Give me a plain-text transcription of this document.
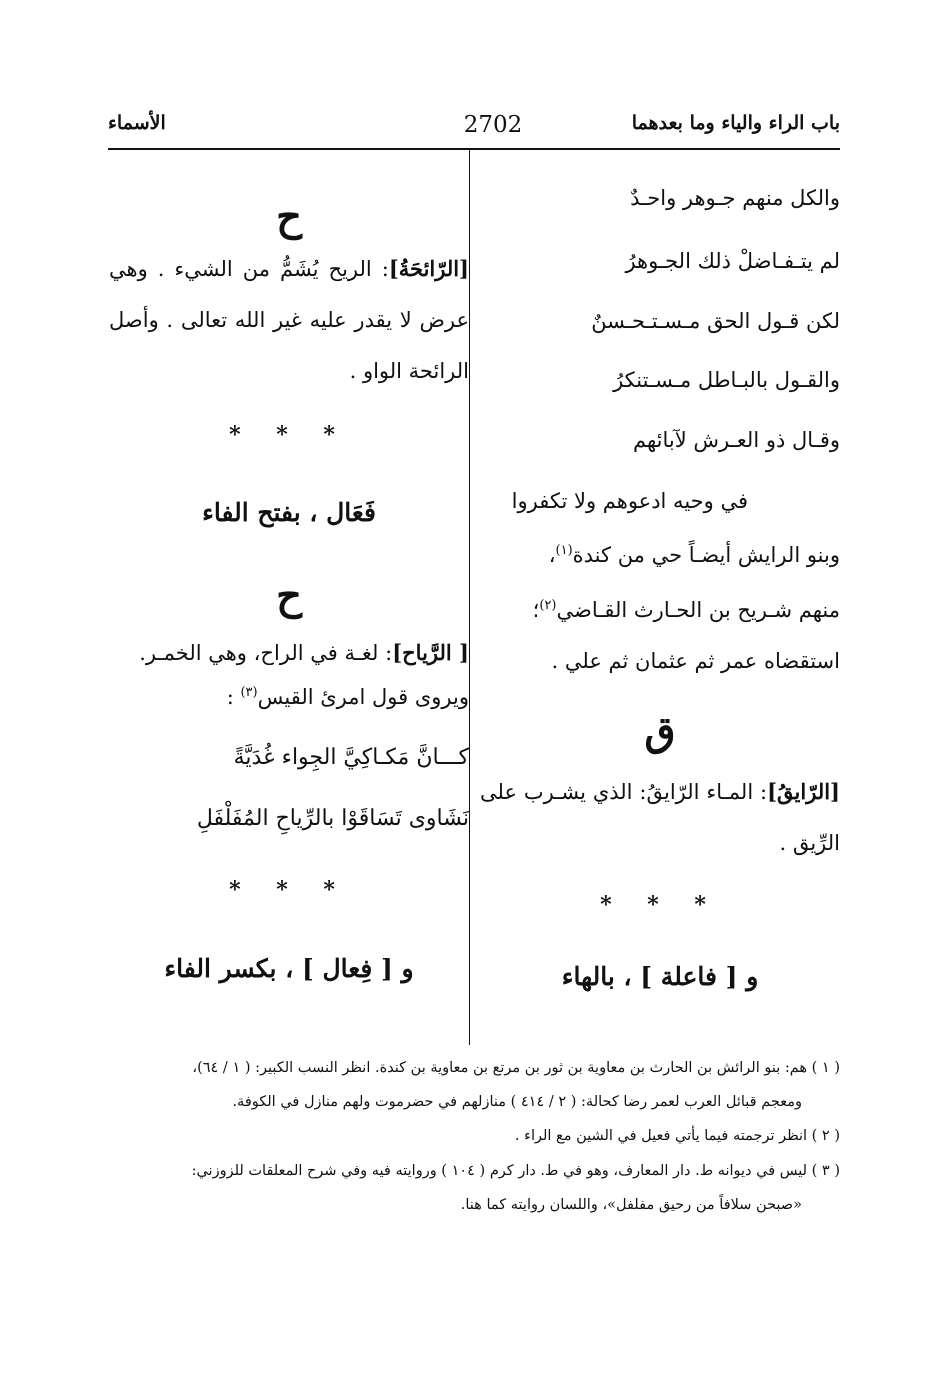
باب الراء والياء وما بعدهما
2702
الأسماء
والكل منهم جـوهر واحـدٌ
لم يتـفـاضلْ ذلك الجـوهرُ
لكن قـول الحق مـسـتـحـسنٌ
والقـول بالبـاطل مـسـتنكرُ
وقـال ذو العـرش لآبائهم
في وحيه ادعوهم ولا تكفروا
وبنو الرايش أيضـاً حي من كندة$^{(١)}$،
منهم شـريح بن الحـارث القـاضي$^{(٢)}$؛
استقضاه عمر ثم عثمان ثم علي .
ق
[الرّايقُ]: المـاء الرّايقُ: الذي يشـرب على الرِّيق .
* * *
و [ فاعلة ] ، بالهاء
ح
[الرّائحَةُ]: الريح يُشَمُّ من الشيء . وهي عرض لا يقدر عليه غير الله تعالى . وأصل الرائحة الواو .
* * *
فَعَال ، بفتح الفاء
ح
[ الرَّياح]: لغـة في الراح، وهي الخمـر.
ويروى قول امرئ القيس$^{(٣)}$ :
كـــانَّ مَكـاكِيَّ الجِواء غُدَيَّةً
نَشَاوى تَسَاقَوْا بالرِّياحِ المُفَلْفَلِ
* * *
و [ فِعال ] ، بكسر الفاء
( ١ ) هم: بنو الرائش بن الحارث بن معاوية بن ثور بن مرتع بن معاوية بن كندة. انظر النسب الكبير: ( ١ / ٦٤)،
ومعجم قبائل العرب لعمر رضا كحالة: ( ٢ / ٤١٤ ) منازلهم في حضرموت ولهم منازل في الكوفة.
( ٢ ) انظر ترجمته فيما يأتي فعيل في الشين مع الراء .
( ٣ ) ليس في ديوانه ط. دار المعارف، وهو في ط. دار كرم ( ١٠٤ ) وروايته فيه وفي شرح المعلقات للزوزني:
«صبحن سلافاً من رحيق مفلفل»، واللسان روايته كما هنا.
